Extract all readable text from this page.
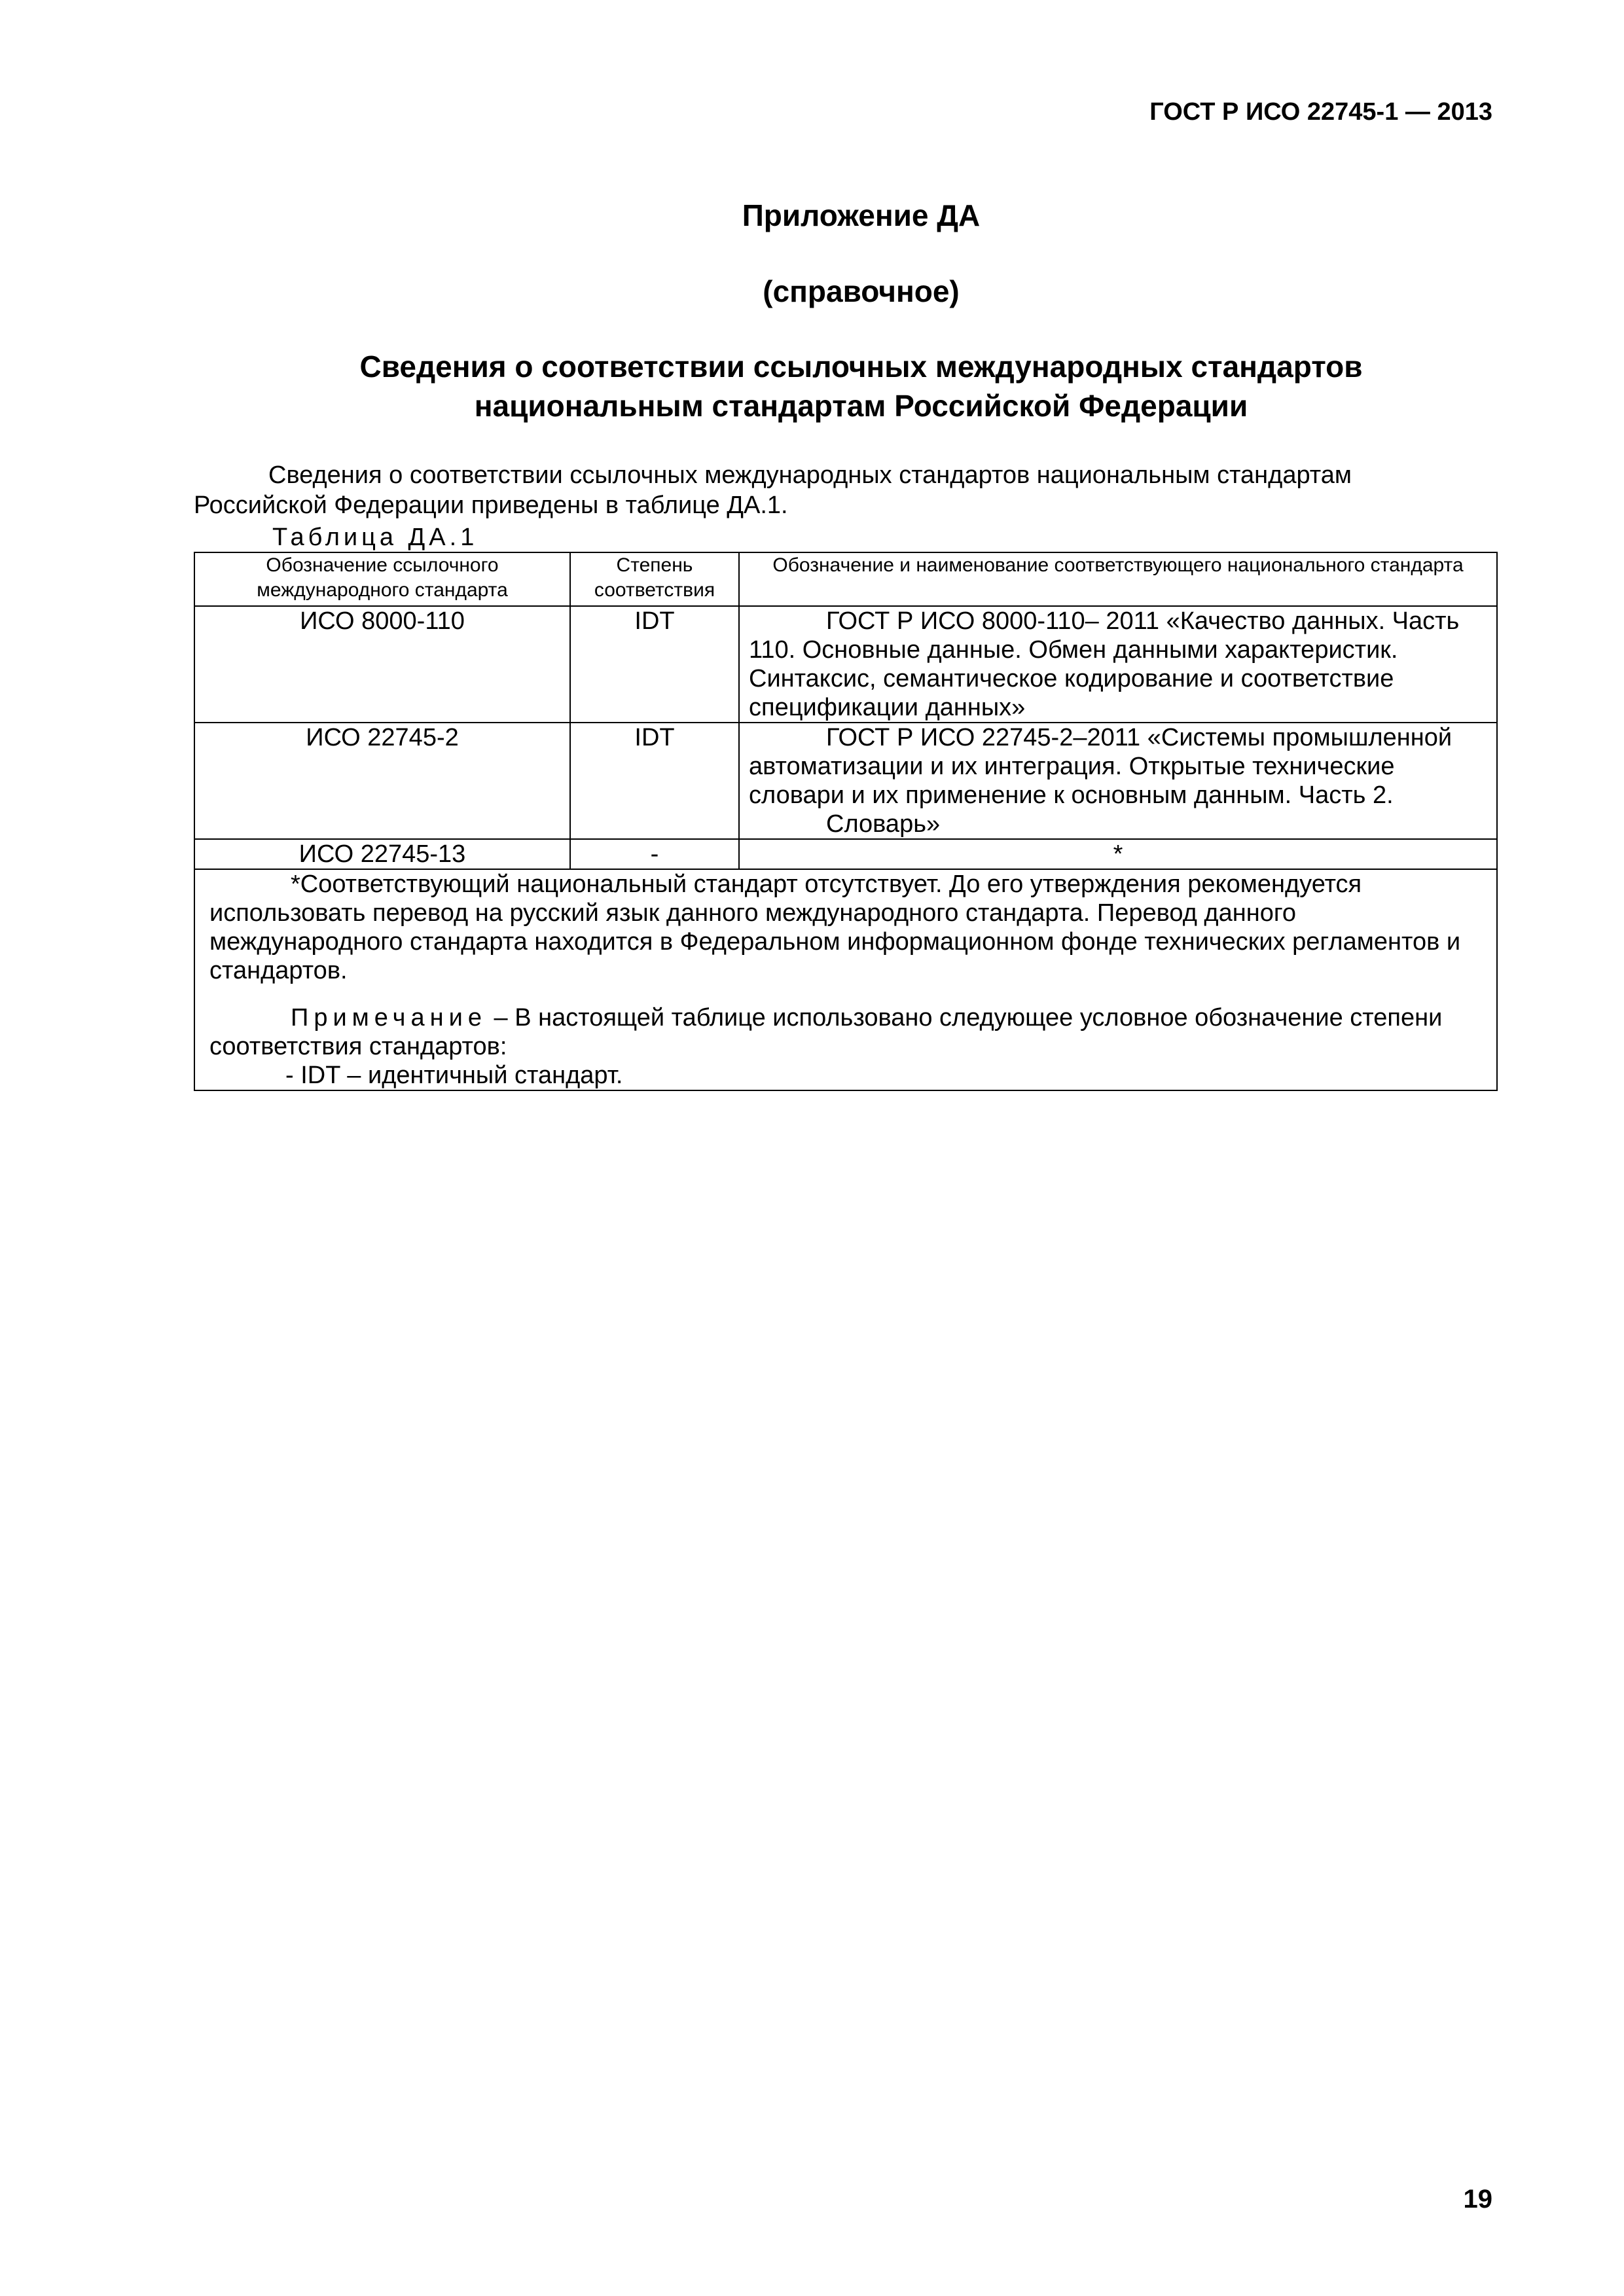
ГОСТ Р ИСО 22745-1 — 2013
Приложение ДА
(справочное)
Сведения о соответствии ссылочных международных стандартов
национальным стандартам Российской Федерации
Сведения о соответствии ссылочных международных стандартов национальным стандартам Российской Федерации приведены в таблице ДА.1.
Таблица ДА.1
Обозначение ссылочного международного стандарта	Степень соответствия	Обозначение и наименование соответствующего национального стандарта
ИСО 8000-110	IDT	ГОСТ Р ИСО 8000-110– 2011 «Качество данных. Часть
110. Основные данные. Обмен данными характеристик. Синтаксис, семантическое кодирование и соответствие спецификации данных»

ИСО 22745-2	IDT	ГОСТ Р ИСО 22745-2–2011 «Системы промышленной
автоматизации и их интеграция. Открытые технические словари и их применение к основным данным. Часть 2.
Словарь»

ИСО 22745-13	-	*

*Соответствующий национальный стандарт отсутствует. До его утверждения рекомендуется использовать перевод на русский язык данного международного стандарта. Перевод данного международного стандарта находится в Федеральном информационном фонде технических регламентов и стандартов.
Примечание – В настоящей таблице использовано следующее условное обозначение степени соответствия стандартов:
- IDT – идентичный стандарт.		
19
